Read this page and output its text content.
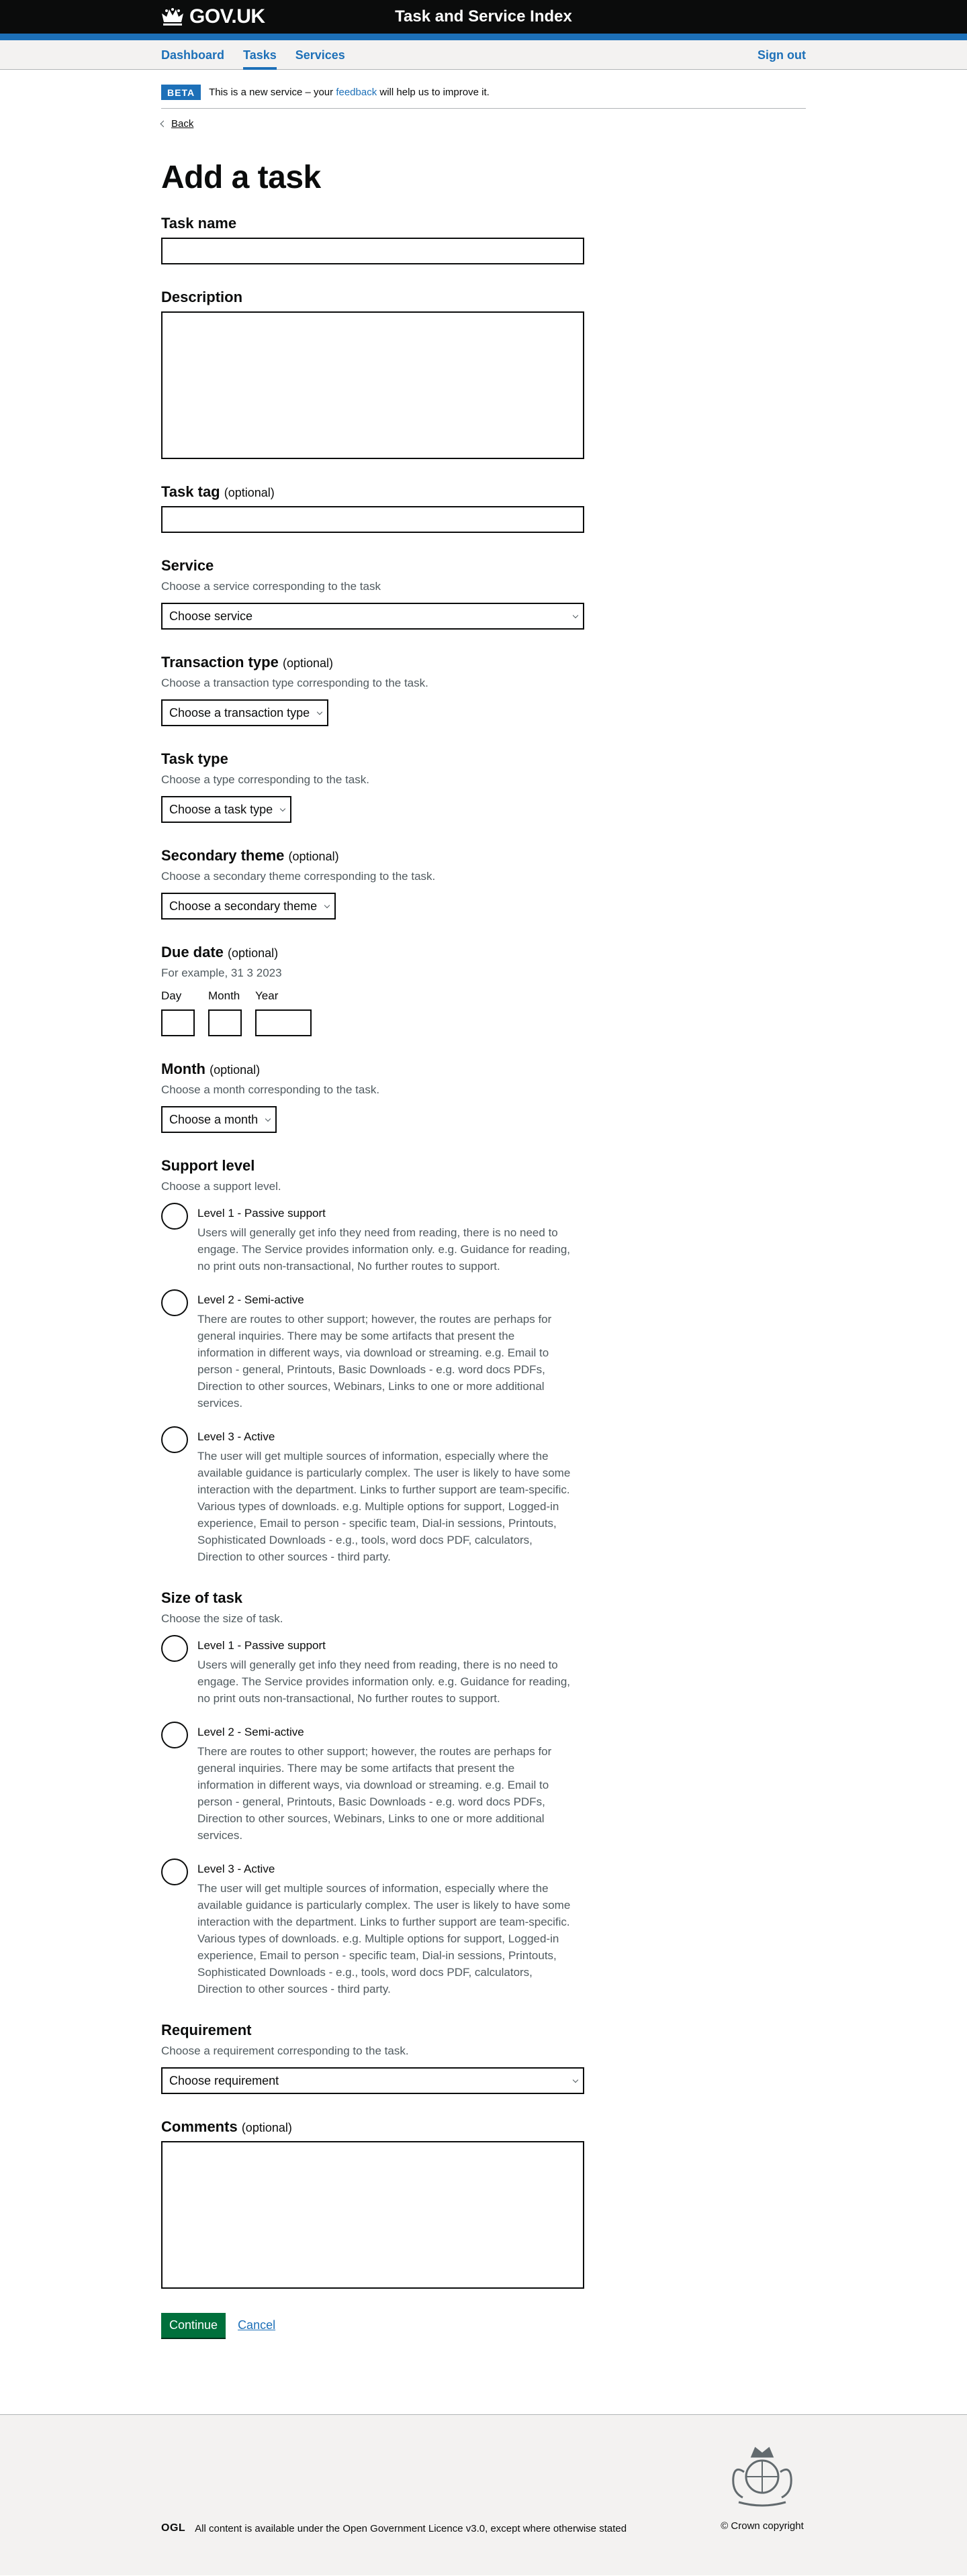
GOV.UK	Task and Service Index
Dashboard Tasks Services	Sign out
BETA	This is a new service – your feedback will help us to improve it.
Back
Add a task
Task name
Description
Task tag (optional)
Service
Choose a service corresponding to the task
Choose service
Transaction type (optional)
Choose a transaction type corresponding to the task.
Choose a transaction type
Task type
Choose a type corresponding to the task.
Choose a task type
Secondary theme (optional)
Choose a secondary theme corresponding to the task.
Choose a secondary theme
Due date (optional)
For example, 31 3 2023
Day	Month Year
Month (optional)
Choose a month corresponding to the task.
Choose a month
Support level
Choose a support level.
Level 1 - Passive support
Users will generally get info they need from reading, there is no need to engage. The Service provides information only. e.g. Guidance for reading, no print outs non-transactional, No further routes to support.
Level 2 - Semi-active
There are routes to other support; however, the routes are perhaps for general inquiries. There may be some artifacts that present the information in different ways, via download or streaming. e.g. Email to person - general, Printouts, Basic Downloads - e.g. word docs PDFs, Direction to other sources, Webinars, Links to one or more additional services.
Level 3 - Active
The user will get multiple sources of information, especially where the available guidance is particularly complex. The user is likely to have some interaction with the department. Links to further support are team-specific. Various types of downloads. e.g. Multiple options for support, Logged-in experience, Email to person - specific team, Dial-in sessions, Printouts, Sophisticated Downloads - e.g., tools, word docs PDF, calculators, Direction to other sources - third party.
Size of task
Choose the size of task.
Level 1 - Passive support
Users will generally get info they need from reading, there is no need to engage. The Service provides information only. e.g. Guidance for reading, no print outs non-transactional, No further routes to support.
Level 2 - Semi-active
There are routes to other support; however, the routes are perhaps for general inquiries. There may be some artifacts that present the information in different ways, via download or streaming. e.g. Email to person - general, Printouts, Basic Downloads - e.g. word docs PDFs, Direction to other sources, Webinars, Links to one or more additional services.
Level 3 - Active
The user will get multiple sources of information, especially where the available guidance is particularly complex. The user is likely to have some interaction with the department. Links to further support are team-specific. Various types of downloads. e.g. Multiple options for support, Logged-in experience, Email to person - specific team, Dial-in sessions, Printouts, Sophisticated Downloads - e.g., tools, word docs PDF, calculators, Direction to other sources - third party.
Requirement
Choose a requirement corresponding to the task.
Choose requirement
Comments (optional)
Continue	Cancel
OGL All content is available under the Open Government Licence v3.0, except where otherwise stated	© Crown copyright
